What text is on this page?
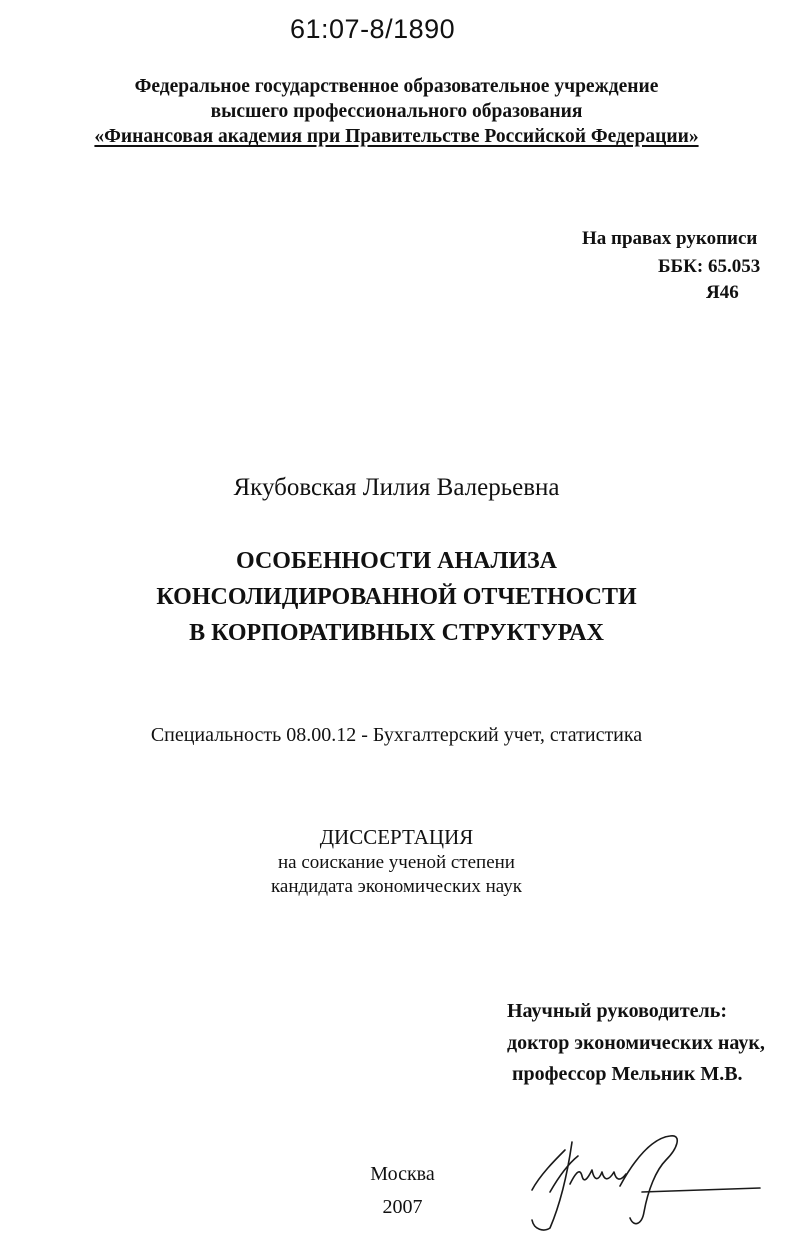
61:07-8/1890
Федеральное государственное образовательное учреждение
высшего профессионального образования
«Финансовая академия при Правительстве Российской Федерации»
На правах рукописи
ББК: 65.053
Я46
Якубовская Лилия Валерьевна
ОСОБЕННОСТИ АНАЛИЗА
КОНСОЛИДИРОВАННОЙ ОТЧЕТНОСТИ
В КОРПОРАТИВНЫХ СТРУКТУРАХ
Специальность 08.00.12 - Бухгалтерский учет, статистика
ДИССЕРТАЦИЯ
на соискание ученой степени
кандидата экономических наук
Научный руководитель:
доктор экономических наук,
профессор Мельник М.В.
Москва
2007
